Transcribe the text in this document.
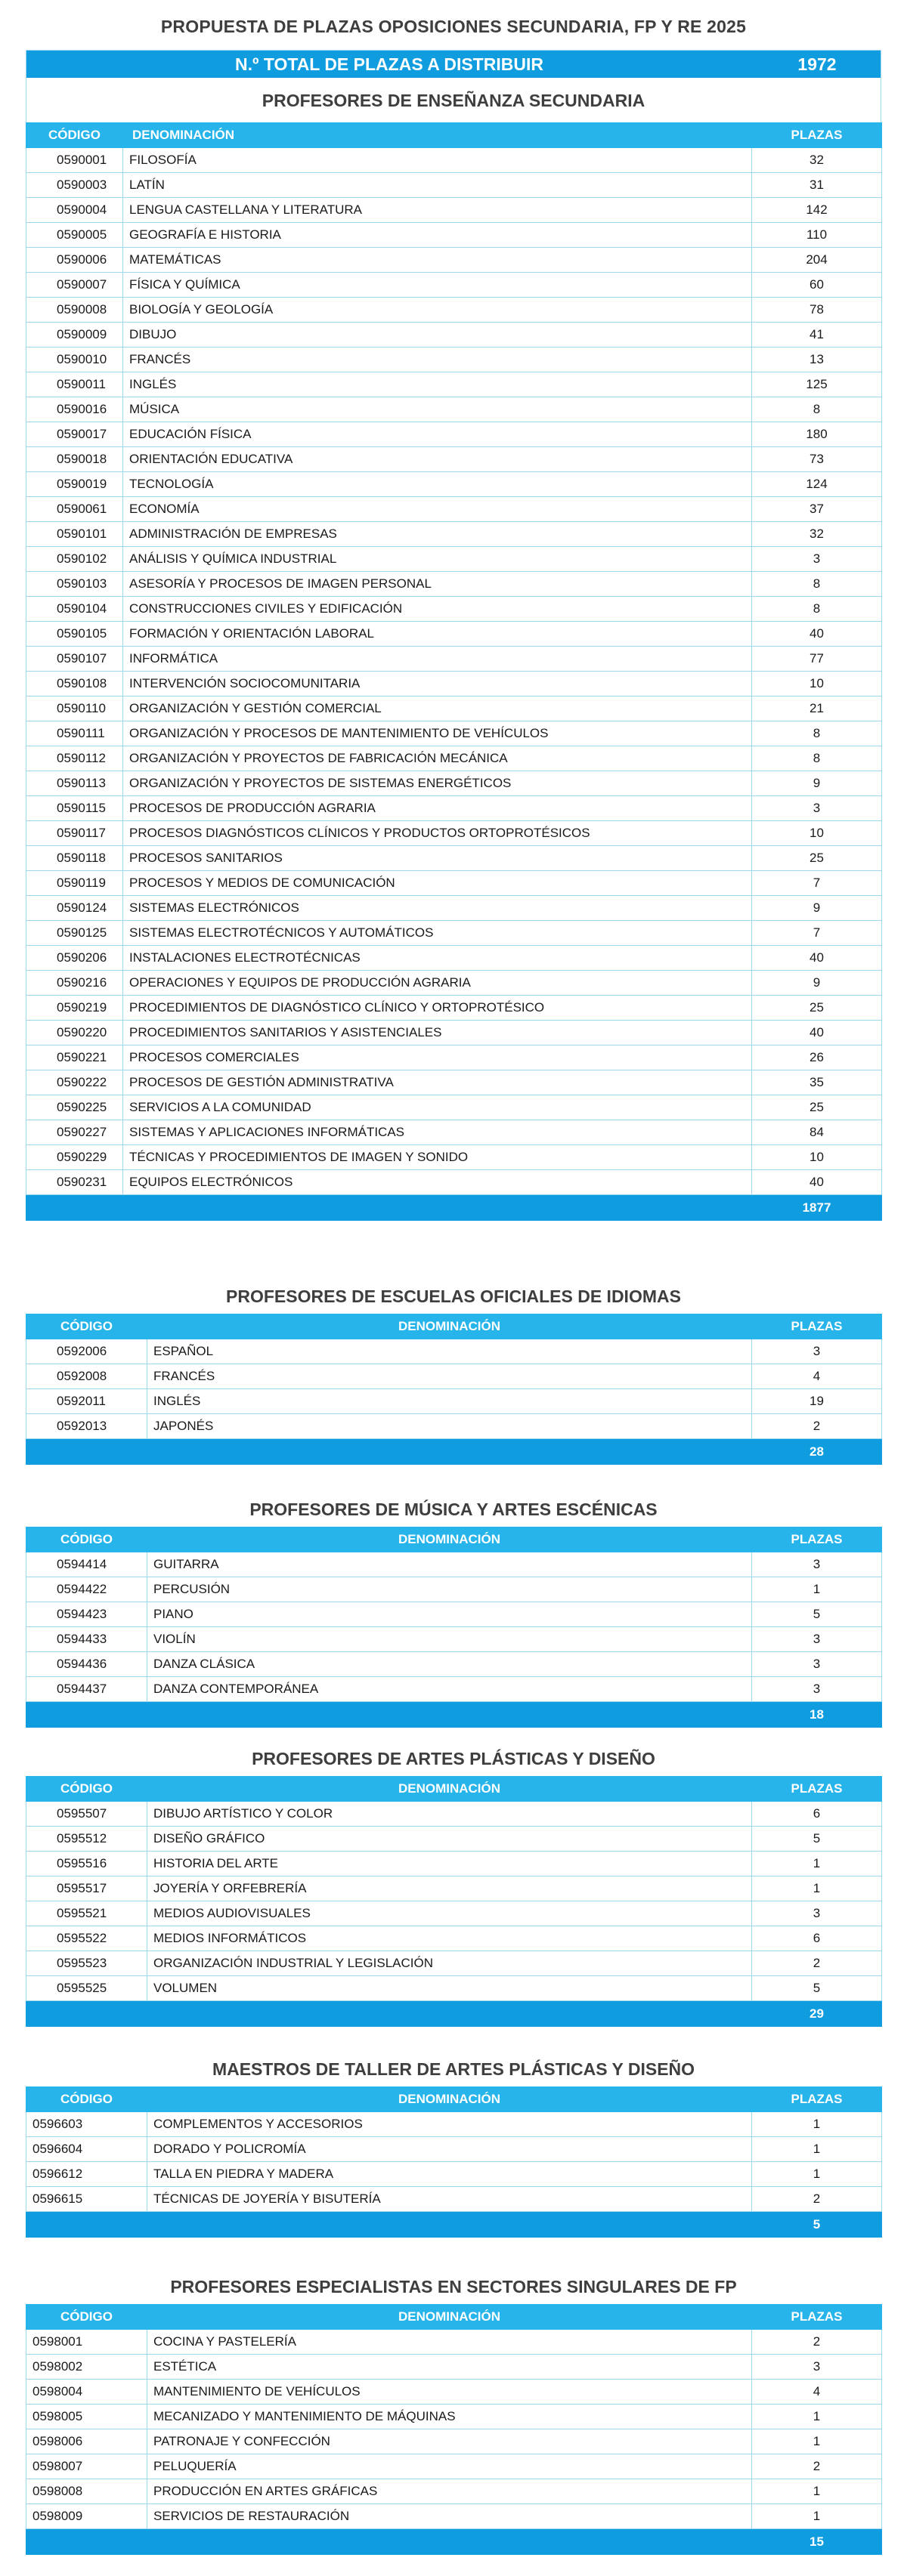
PROPUESTA DE PLAZAS OPOSICIONES SECUNDARIA, FP Y RE 2025
N.º TOTAL DE PLAZAS A DISTRIBUIR	1972
PROFESORES DE ENSEÑANZA SECUNDARIA
CÓDIGO	DENOMINACIÓN	PLAZAS
0590001	FILOSOFÍA	32
0590003	LATÍN	31
0590004	LENGUA CASTELLANA Y LITERATURA	142
0590005	GEOGRAFÍA E HISTORIA	110
0590006	MATEMÁTICAS	204
0590007	FÍSICA Y QUÍMICA	60
0590008	BIOLOGÍA Y GEOLOGÍA	78
0590009	DIBUJO	41
0590010	FRANCÉS	13
0590011	INGLÉS	125
0590016	MÚSICA	8
0590017	EDUCACIÓN FÍSICA	180
0590018	ORIENTACIÓN EDUCATIVA	73
0590019	TECNOLOGÍA	124
0590061	ECONOMÍA	37
0590101	ADMINISTRACIÓN DE EMPRESAS	32
0590102	ANÁLISIS Y QUÍMICA INDUSTRIAL	3
0590103	ASESORÍA Y PROCESOS DE IMAGEN PERSONAL	8
0590104	CONSTRUCCIONES CIVILES Y EDIFICACIÓN	8
0590105	FORMACIÓN Y ORIENTACIÓN LABORAL	40
0590107	INFORMÁTICA	77
0590108	INTERVENCIÓN SOCIOCOMUNITARIA	10
0590110	ORGANIZACIÓN Y GESTIÓN COMERCIAL	21
0590111	ORGANIZACIÓN Y PROCESOS DE MANTENIMIENTO DE VEHÍCULOS	8
0590112	ORGANIZACIÓN Y PROYECTOS DE FABRICACIÓN MECÁNICA	8
0590113	ORGANIZACIÓN Y PROYECTOS DE SISTEMAS ENERGÉTICOS	9
0590115	PROCESOS DE PRODUCCIÓN AGRARIA	3
0590117	PROCESOS DIAGNÓSTICOS CLÍNICOS Y PRODUCTOS ORTOPROTÉSICOS	10
0590118	PROCESOS SANITARIOS	25
0590119	PROCESOS Y MEDIOS DE COMUNICACIÓN	7
0590124	SISTEMAS ELECTRÓNICOS	9
0590125	SISTEMAS ELECTROTÉCNICOS Y AUTOMÁTICOS	7
0590206	INSTALACIONES ELECTROTÉCNICAS	40
0590216	OPERACIONES Y EQUIPOS DE PRODUCCIÓN AGRARIA	9
0590219	PROCEDIMIENTOS DE DIAGNÓSTICO CLÍNICO Y ORTOPROTÉSICO	25
0590220	PROCEDIMIENTOS SANITARIOS Y ASISTENCIALES	40
0590221	PROCESOS COMERCIALES	26
0590222	PROCESOS DE GESTIÓN ADMINISTRATIVA	35
0590225	SERVICIOS A LA COMUNIDAD	25
0590227	SISTEMAS Y APLICACIONES INFORMÁTICAS	84
0590229	TÉCNICAS Y PROCEDIMIENTOS DE IMAGEN Y SONIDO	10
0590231	EQUIPOS ELECTRÓNICOS	40
		1877
PROFESORES DE ESCUELAS OFICIALES DE IDIOMAS
CÓDIGO	DENOMINACIÓN	PLAZAS
0592006	ESPAÑOL	3
0592008	FRANCÉS	4
0592011	INGLÉS	19
0592013	JAPONÉS	2
		28
PROFESORES DE MÚSICA Y ARTES ESCÉNICAS
CÓDIGO	DENOMINACIÓN	PLAZAS
0594414	GUITARRA	3
0594422	PERCUSIÓN	1
0594423	PIANO	5
0594433	VIOLÍN	3
0594436	DANZA CLÁSICA	3
0594437	DANZA CONTEMPORÁNEA	3
		18
PROFESORES DE ARTES PLÁSTICAS Y DISEÑO
CÓDIGO	DENOMINACIÓN	PLAZAS
0595507	DIBUJO ARTÍSTICO Y COLOR	6
0595512	DISEÑO GRÁFICO	5
0595516	HISTORIA DEL ARTE	1
0595517	JOYERÍA Y ORFEBRERÍA	1
0595521	MEDIOS AUDIOVISUALES	3
0595522	MEDIOS INFORMÁTICOS	6
0595523	ORGANIZACIÓN INDUSTRIAL Y LEGISLACIÓN	2
0595525	VOLUMEN	5
		29
MAESTROS DE TALLER DE ARTES PLÁSTICAS Y DISEÑO
CÓDIGO	DENOMINACIÓN	PLAZAS
0596603	COMPLEMENTOS Y ACCESORIOS	1
0596604	DORADO Y POLICROMÍA	1
0596612	TALLA EN PIEDRA Y MADERA	1
0596615	TÉCNICAS DE JOYERÍA Y BISUTERÍA	2
		5
PROFESORES ESPECIALISTAS EN SECTORES SINGULARES DE FP
CÓDIGO	DENOMINACIÓN	PLAZAS
0598001	COCINA Y PASTELERÍA	2
0598002	ESTÉTICA	3
0598004	MANTENIMIENTO DE VEHÍCULOS	4
0598005	MECANIZADO Y MANTENIMIENTO DE MÁQUINAS	1
0598006	PATRONAJE Y CONFECCIÓN	1
0598007	PELUQUERÍA	2
0598008	PRODUCCIÓN EN ARTES GRÁFICAS	1
0598009	SERVICIOS DE RESTAURACIÓN	1
		15
